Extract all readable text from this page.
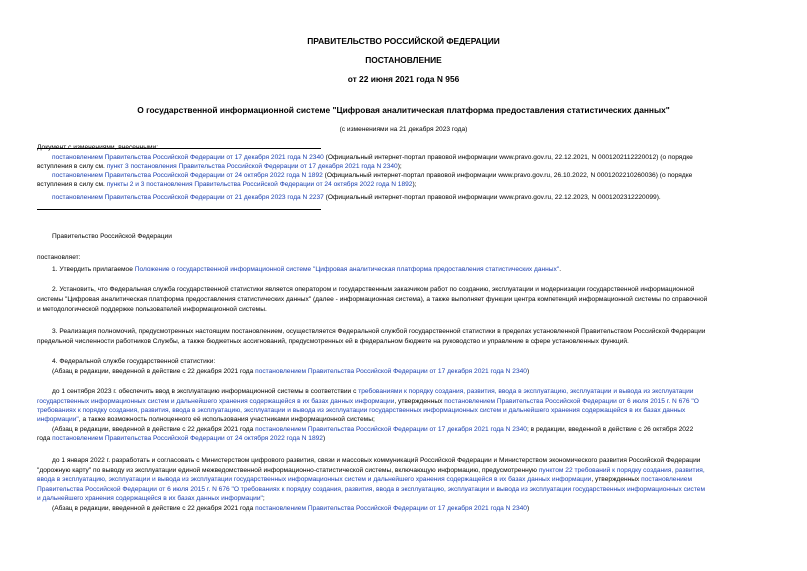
ПРАВИТЕЛЬСТВО РОССИЙСКОЙ ФЕДЕРАЦИИ
ПОСТАНОВЛЕНИЕ
от 22 июня 2021 года N 956
О государственной информационной системе "Цифровая аналитическая платформа предоставления статистических данных"
(с изменениями на 21 декабря 2023 года)
Документ с изменениями, внесенными:
постановлением Правительства Российской Федерации от 17 декабря 2021 года N 2340 (Официальный интернет-портал правовой информации www.pravo.gov.ru, 22.12.2021, N 0001202112220012) (о порядке
вступления в силу см. пункт 3 постановления Правительства Российской Федерации от 17 декабря 2021 года N 2340);
постановлением Правительства Российской Федерации от 24 октября 2022 года N 1892 (Официальный интернет-портал правовой информации www.pravo.gov.ru, 26.10.2022, N 0001202210260036) (о порядке
вступления в силу см. пункты 2 и 3 постановления Правительства Российской Федерации от 24 октября 2022 года N 1892);
постановлением Правительства Российской Федерации от 21 декабря 2023 года N 2237 (Официальный интернет-портал правовой информации www.pravo.gov.ru, 22.12.2023, N 0001202312220099).
Правительство Российской Федерации
постановляет:
1. Утвердить прилагаемое Положение о государственной информационной системе "Цифровая аналитическая платформа предоставления статистических данных".
2. Установить, что Федеральная служба государственной статистики является оператором и государственным заказчиком работ по созданию, эксплуатации и модернизации государственной информационной
системы "Цифровая аналитическая платформа предоставления статистических данных" (далее - информационная система), а также выполняет функции центра компетенций информационной системы по справочной
и методологической поддержке пользователей информационной системы.
3. Реализация полномочий, предусмотренных настоящим постановлением, осуществляется Федеральной службой государственной статистики в пределах установленной Правительством Российской Федерации
предельной численности работников Службы, а также бюджетных ассигнований, предусмотренных ей в федеральном бюджете на руководство и управление в сфере установленных функций.
4. Федеральной службе государственной статистики:
(Абзац в редакции, введенной в действие с 22 декабря 2021 года постановлением Правительства Российской Федерации от 17 декабря 2021 года N 2340)
до 1 сентября 2023 г. обеспечить ввод в эксплуатацию информационной системы в соответствии с требованиями к порядку создания, развития, ввода в эксплуатацию, эксплуатации и вывода из эксплуатации
государственных информационных систем и дальнейшего хранения содержащейся в их базах данных информации, утвержденных постановлением Правительства Российской Федерации от 6 июля 2015 г. N 676 "О
требованиях к порядку создания, развития, ввода в эксплуатацию, эксплуатации и вывода из эксплуатации государственных информационных систем и дальнейшего хранения содержащейся в их базах данных
информации", а также возможность полноценного её использования участниками информационной системы;
(Абзац в редакции, введенной в действие с 22 декабря 2021 года постановлением Правительства Российской Федерации от 17 декабря 2021 года N 2340; в редакции, введенной в действие с 26 октября 2022
года постановлением Правительства Российской Федерации от 24 октября 2022 года N 1892)
до 1 января 2022 г. разработать и согласовать с Министерством цифрового развития, связи и массовых коммуникаций Российской Федерации и Министерством экономического развития Российской Федерации
"дорожную карту" по выводу из эксплуатации единой межведомственной информационно-статистической системы, включающую информацию, предусмотренную пунктом 22 требований к порядку создания, развития,
ввода в эксплуатацию, эксплуатации и вывода из эксплуатации государственных информационных систем и дальнейшего хранения содержащейся в их базах данных информации, утвержденных постановлением
Правительства Российской Федерации от 6 июля 2015 г. N 676 "О требованиях к порядку создания, развития, ввода в эксплуатацию, эксплуатации и вывода из эксплуатации государственных информационных систем
и дальнейшего хранения содержащейся в их базах данных информации";
(Абзац в редакции, введенной в действие с 22 декабря 2021 года постановлением Правительства Российской Федерации от 17 декабря 2021 года N 2340)
